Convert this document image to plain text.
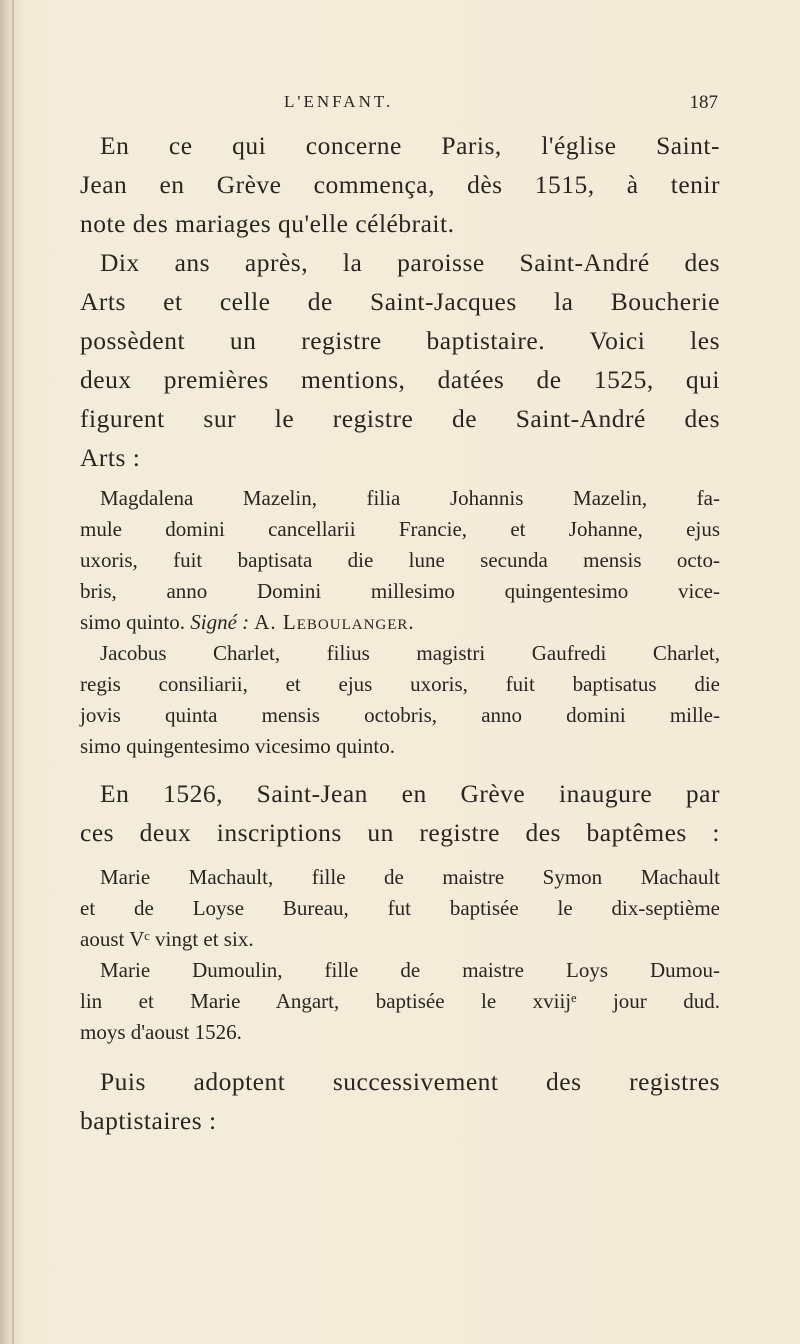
L'ENFANT.	187
En ce qui concerne Paris, l'église Saint-
Jean en Grève commença, dès 1515, à tenir
note des mariages qu'elle célébrait.
Dix ans après, la paroisse Saint-André des
Arts et celle de Saint-Jacques la Boucherie
possèdent un registre baptistaire. Voici les
deux premières mentions, datées de 1525, qui
figurent sur le registre de Saint-André des
Arts :
Magdalena Mazelin, filia Johannis Mazelin, fa-
mule domini cancellarii Francie, et Johanne, ejus
uxoris, fuit baptisata die lune secunda mensis octo-
bris, anno Domini millesimo quingentesimo vice-
simo quinto. Signé : A. Leboulanger.
Jacobus Charlet, filius magistri Gaufredi Charlet,
regis consiliarii, et ejus uxoris, fuit baptisatus die
jovis quinta mensis octobris, anno domini mille-
simo quingentesimo vicesimo quinto.
En 1526, Saint-Jean en Grève inaugure par
ces deux inscriptions un registre des baptêmes :
Marie Machault, fille de maistre Symon Machault
et de Loyse Bureau, fut baptisée le dix-septième
aoust Vᶜ vingt et six.
Marie Dumoulin, fille de maistre Loys Dumou-
lin et Marie Angart, baptisée le xviijᵉ jour dud.
moys d'aoust 1526.
Puis adoptent successivement des registres
baptistaires :
